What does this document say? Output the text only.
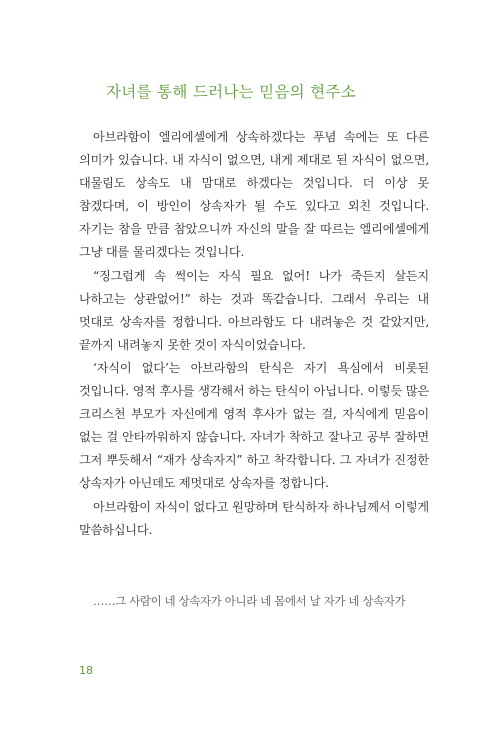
자녀를 통해 드러나는 믿음의 현주소

아브라함이 엘리에셀에게 상속하겠다는 푸념 속에는 또 다른 의미가 있습니다. 내 자식이 없으면, 내게 제대로 된 자식이 없으면, 대물림도 상속도 내 맘대로 하겠다는 것입니다. 더 이상 못 참겠다며, 이 방인이 상속자가 될 수도 있다고 외친 것입니다. 자기는 참을 만큼 참았으니까 자신의 말을 잘 따르는 엘리에셀에게 그냥 대를 물리겠다는 것입니다.

“징그럽게 속 썩이는 자식 필요 없어! 나가 죽든지 살든지 나하고는 상관없어!” 하는 것과 똑같습니다. 그래서 우리는 내 멋대로 상속자를 정합니다. 아브라함도 다 내려놓은 것 같았지만, 끝까지 내려놓지 못한 것이 자식이었습니다.

‘자식이 없다’는 아브라함의 탄식은 자기 욕심에서 비롯된 것입니다. 영적 후사를 생각해서 하는 탄식이 아닙니다. 이렇듯 많은 크리스천 부모가 자신에게 영적 후사가 없는 걸, 자식에게 믿음이 없는 걸 안타까워하지 않습니다. 자녀가 착하고 잘나고 공부 잘하면 그저 뿌듯해서 “재가 상속자지” 하고 착각합니다. 그 자녀가 진정한 상속자가 아닌데도 제멋대로 상속자를 정합니다.

아브라함이 자식이 없다고 원망하며 탄식하자 하나님께서 이렇게 말씀하십니다.

……그 사람이 네 상속자가 아니라 네 몸에서 날 자가 네 상속자가
18
